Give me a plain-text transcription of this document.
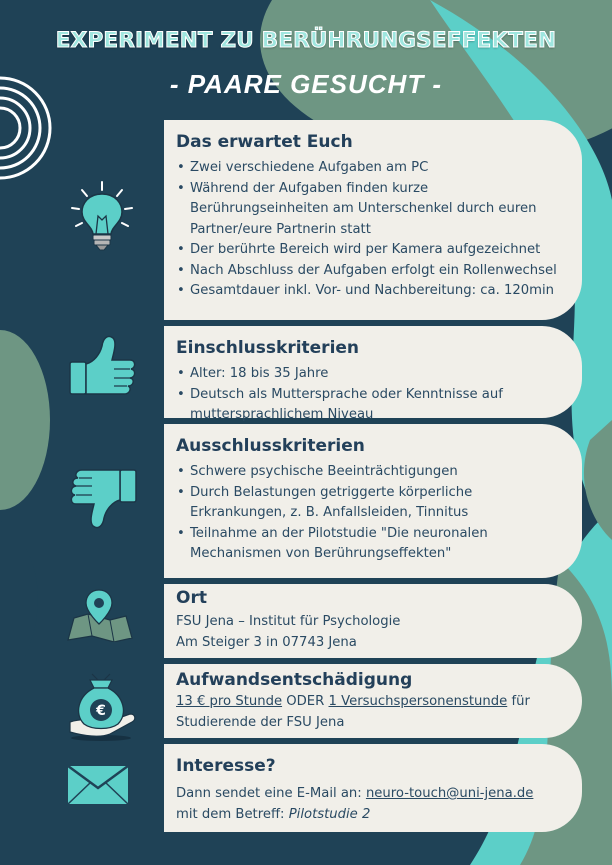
EXPERIMENT ZU BERÜHRUNGSEFFEKTEN
- PAARE GESUCHT -
€
Das erwartet Euch
• Zwei verschiedene Aufgaben am PC
• Während der Aufgaben finden kurze Berührungseinheiten am Unterschenkel durch euren Partner/eure Partnerin statt
• Der berührte Bereich wird per Kamera aufgezeichnet
• Nach Abschluss der Aufgaben erfolgt ein Rollenwechsel
• Gesamtdauer inkl. Vor- und Nachbereitung: ca. 120min
Einschlusskriterien
• Alter: 18 bis 35 Jahre
• Deutsch als Muttersprache oder Kenntnisse auf muttersprachlichem Niveau
Ausschlusskriterien
• Schwere psychische Beeinträchtigungen
• Durch Belastungen getriggerte körperliche Erkrankungen, z. B. Anfallsleiden, Tinnitus
• Teilnahme an der Pilotstudie "Die neuronalen Mechanismen von Berührungseffekten"
Ort

FSU Jena – Institut für Psychologie

Am Steiger 3 in 07743 Jena

Aufwandsentschädigung

13 € pro Stunde ODER 1 Versuchspersonenstunde für Studierende der FSU Jena

Interesse?

Dann sendet eine E-Mail an: neuro-touch@uni-jena.de

mit dem Betreff: Pilotstudie 2
